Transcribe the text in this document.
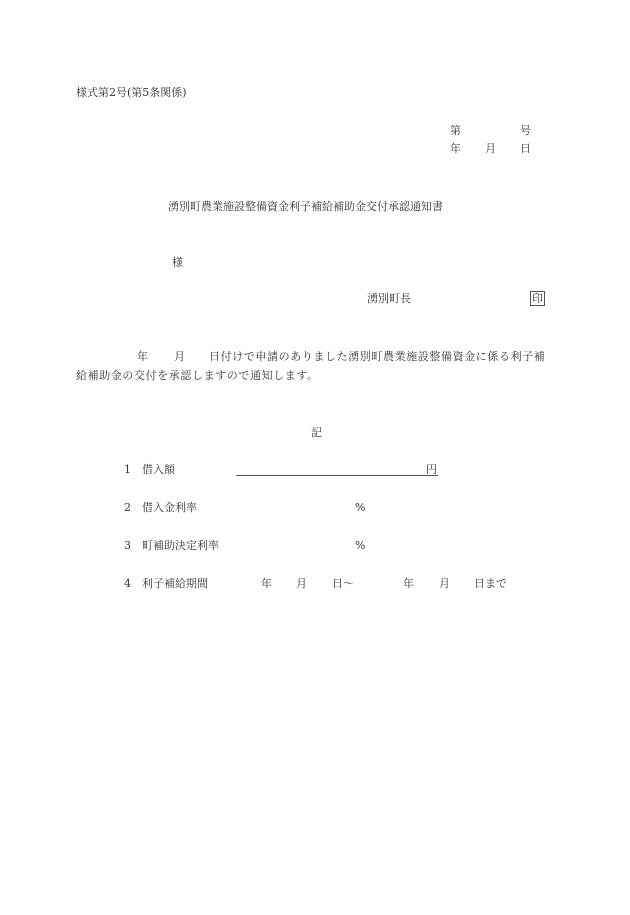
様式第2号(第5条関係)
第	号
年 月 日
湧別町農業施設整備資金利子補給補助金交付承認通知書
様
湧別町長	印
年 月 日付けで申請のありました湧別町農業施設整備資金に係る利子補
給補助金の交付を承認しますので通知します。
記
1 借入額	円
2 借入金利率	%
3 町補助決定利率	%
4 利子補給期間	年 月 日〜	年 月 日まで
